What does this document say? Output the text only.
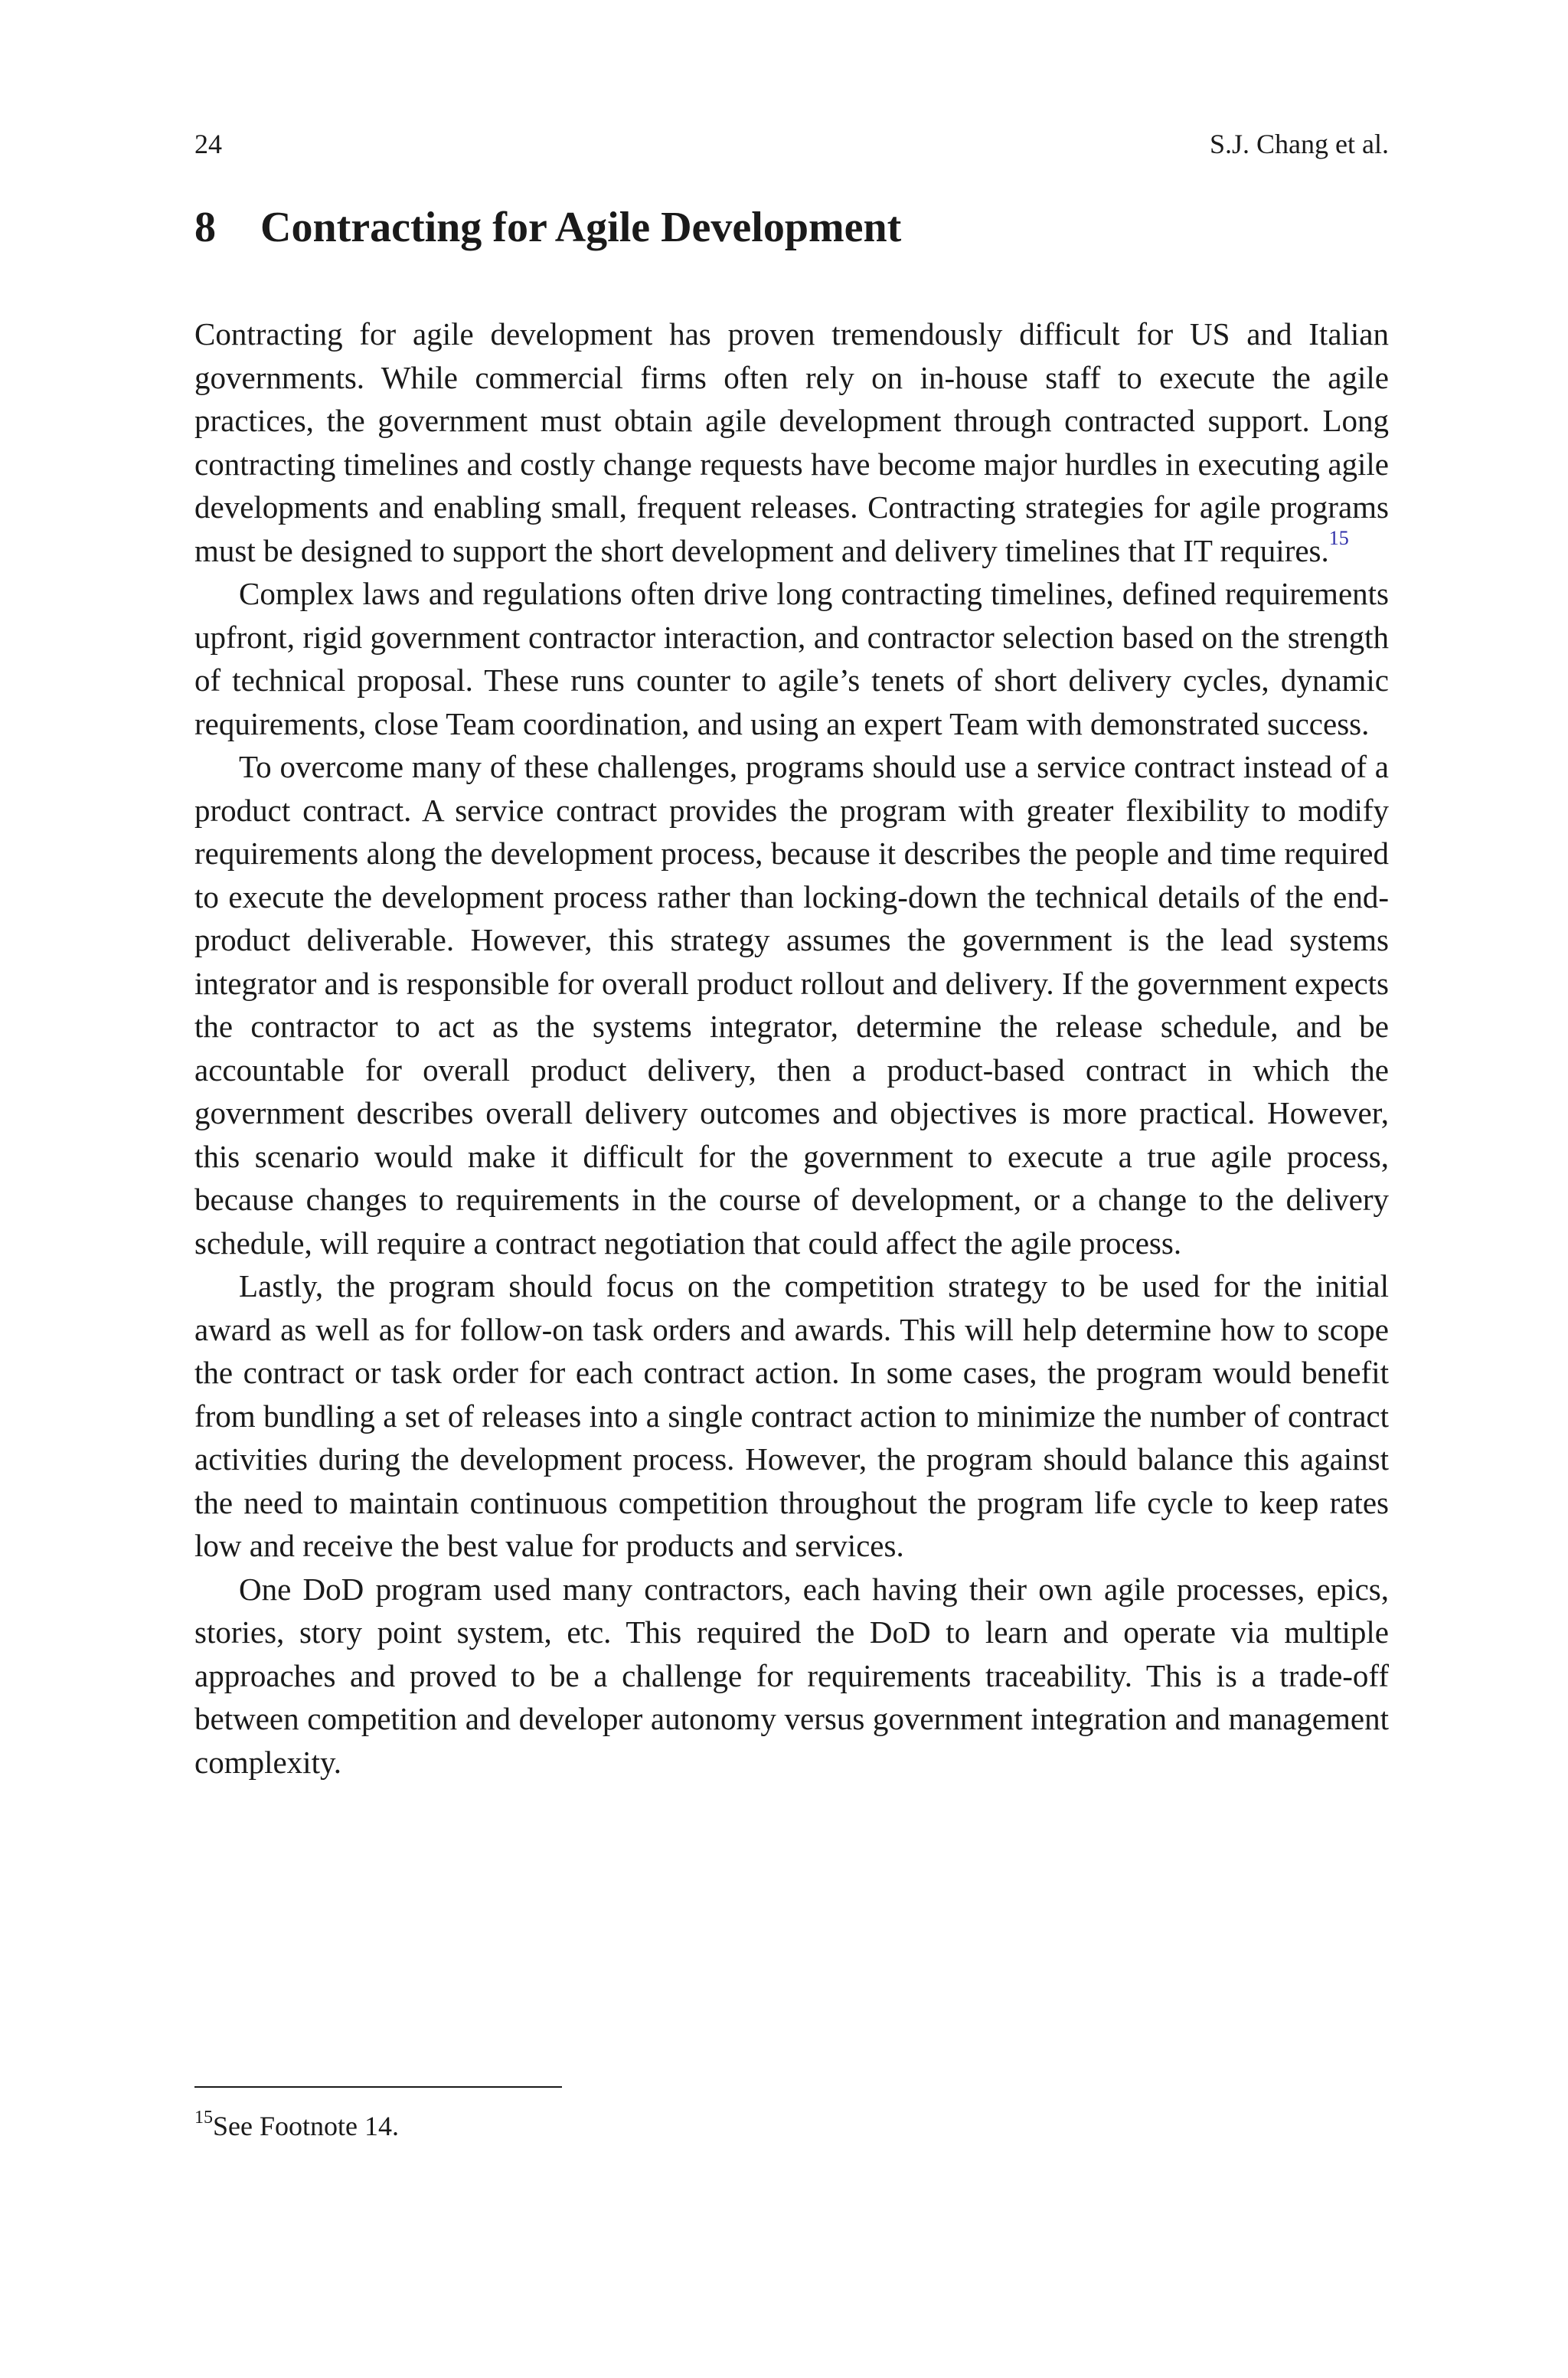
24	S.J. Chang et al.
8 Contracting for Agile Development

Contracting for agile development has proven tremendously difficult for US and Italian governments. While commercial firms often rely on in-house staff to execute the agile practices, the government must obtain agile development through contracted support. Long contracting timelines and costly change requests have become major hurdles in executing agile developments and enabling small, frequent releases. Contracting strategies for agile programs must be designed to support the short development and delivery timelines that IT requires.$^{15}$

Complex laws and regulations often drive long contracting timelines, defined requirements upfront, rigid government contractor interaction, and contractor selection based on the strength of technical proposal. These runs counter to agile’s tenets of short delivery cycles, dynamic requirements, close Team coordination, and using an expert Team with demonstrated success.

To overcome many of these challenges, programs should use a service contract instead of a product contract. A service contract provides the program with greater flexibility to modify requirements along the development process, because it describes the people and time required to execute the development process rather than locking-down the technical details of the end-product deliverable. However, this strategy assumes the government is the lead systems integrator and is responsible for overall product rollout and delivery. If the government expects the contractor to act as the systems integrator, determine the release schedule, and be accountable for overall product delivery, then a product-based contract in which the government describes overall delivery outcomes and objectives is more practical. However, this scenario would make it difficult for the government to execute a true agile process, because changes to requirements in the course of development, or a change to the delivery schedule, will require a contract negotiation that could affect the agile process.

Lastly, the program should focus on the competition strategy to be used for the initial award as well as for follow-on task orders and awards. This will help determine how to scope the contract or task order for each contract action. In some cases, the program would benefit from bundling a set of releases into a single contract action to minimize the number of contract activities during the development process. However, the program should balance this against the need to maintain continuous competition throughout the program life cycle to keep rates low and receive the best value for products and services.

One DoD program used many contractors, each having their own agile processes, epics, stories, story point system, etc. This required the DoD to learn and operate via multiple approaches and proved to be a challenge for requirements traceability. This is a trade-off between competition and developer autonomy versus government integration and management complexity.

$^{15}$See Footnote 14.
